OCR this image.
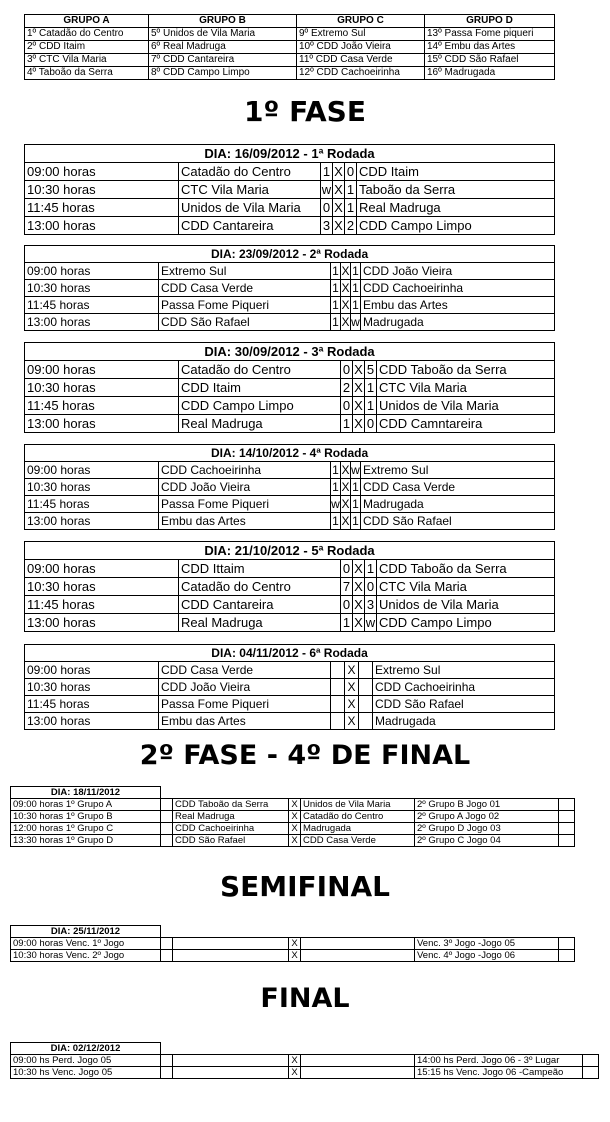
GRUPO A	GRUPO B	GRUPO C	GRUPO D
1º Catadão do Centro	5º Unidos de Vila Maria	9º Extremo Sul	13º Passa Fome piqueri
2º CDD Itaim	6º Real Madruga	10º CDD João Vieira	14º Embu das Artes
3º CTC Vila Maria	7º CDD Cantareira	11º CDD Casa Verde	15º CDD São Rafael
4º Taboão da Serra	8º CDD Campo Limpo	12º CDD Cachoeirinha	16º Madrugada
1º FASE
DIA: 16/09/2012 - 1ª Rodada					
09:00 horas	Catadão do Centro	1	X	0	CDD Itaim
10:30 horas	CTC Vila Maria	w	X	1	Taboão da Serra
11:45 horas	Unidos de Vila Maria	0	X	1	Real Madruga
13:00 horas	CDD Cantareira	3	X	2	CDD Campo Limpo
DIA: 23/09/2012 - 2ª Rodada					
09:00 horas	Extremo Sul	1	X	1	CDD João Vieira
10:30 horas	CDD Casa Verde	1	X	1	CDD Cachoeirinha
11:45 horas	Passa Fome Piqueri	1	X	1	Embu das Artes
13:00 horas	CDD São Rafael	1	X	w	Madrugada
DIA: 30/09/2012 - 3ª Rodada					
09:00 horas	Catadão do Centro	0	X	5	CDD Taboão da Serra
10:30 horas	CDD Itaim	2	X	1	CTC Vila Maria
11:45 horas	CDD Campo Limpo	0	X	1	Unidos de Vila Maria
13:00 horas	Real Madruga	1	X	0	CDD Camntareira
DIA: 14/10/2012 - 4ª Rodada					
09:00 horas	CDD Cachoeirinha	1	X	w	Extremo Sul
10:30 horas	CDD João Vieira	1	X	1	CDD Casa Verde
11:45 horas	Passa Fome Piqueri	w	X	1	Madrugada
13:00 horas	Embu das Artes	1	X	1	CDD São Rafael
DIA: 21/10/2012 - 5ª Rodada					
09:00 horas	CDD Ittaim	0	X	1	CDD Taboão da Serra
10:30 horas	Catadão do Centro	7	X	0	CTC Vila Maria
11:45 horas	CDD Cantareira	0	X	3	Unidos de Vila Maria
13:00 horas	Real Madruga	1	X	w	CDD Campo Limpo
DIA: 04/11/2012 - 6ª Rodada					
09:00 horas	CDD Casa Verde		X		Extremo Sul
10:30 horas	CDD João Vieira		X		CDD Cachoeirinha
11:45 horas	Passa Fome Piqueri		X		CDD São Rafael
13:00 horas	Embu das Artes		X		Madrugada
2º FASE - 4º DE FINAL
DIA: 18/11/2012						
09:00 horas 1º Grupo A		CDD Taboão da Serra	X	Unidos de Vila Maria	2º Grupo B Jogo 01	
10:30 horas 1º Grupo B		Real Madruga	X	Catadão do Centro	2º Grupo A Jogo 02	
12:00 horas 1º Grupo C		CDD Cachoeirinha	X	Madrugada	2º Grupo D Jogo 03	
13:30 horas 1º Grupo D		CDD São Rafael	X	CDD Casa Verde	2º Grupo C Jogo 04	
SEMIFINAL
DIA: 25/11/2012						
09:00 horas Venc. 1º Jogo			X		Venc. 3º Jogo -Jogo 05	
10:30 horas Venc. 2º Jogo			X		Venc. 4º Jogo -Jogo 06	
FINAL
DIA: 02/12/2012						
09:00 hs Perd. Jogo 05			X		14:00 hs Perd. Jogo 06 - 3º Lugar	
10:30 hs Venc. Jogo 05			X		15:15 hs Venc. Jogo 06 -Campeão	
